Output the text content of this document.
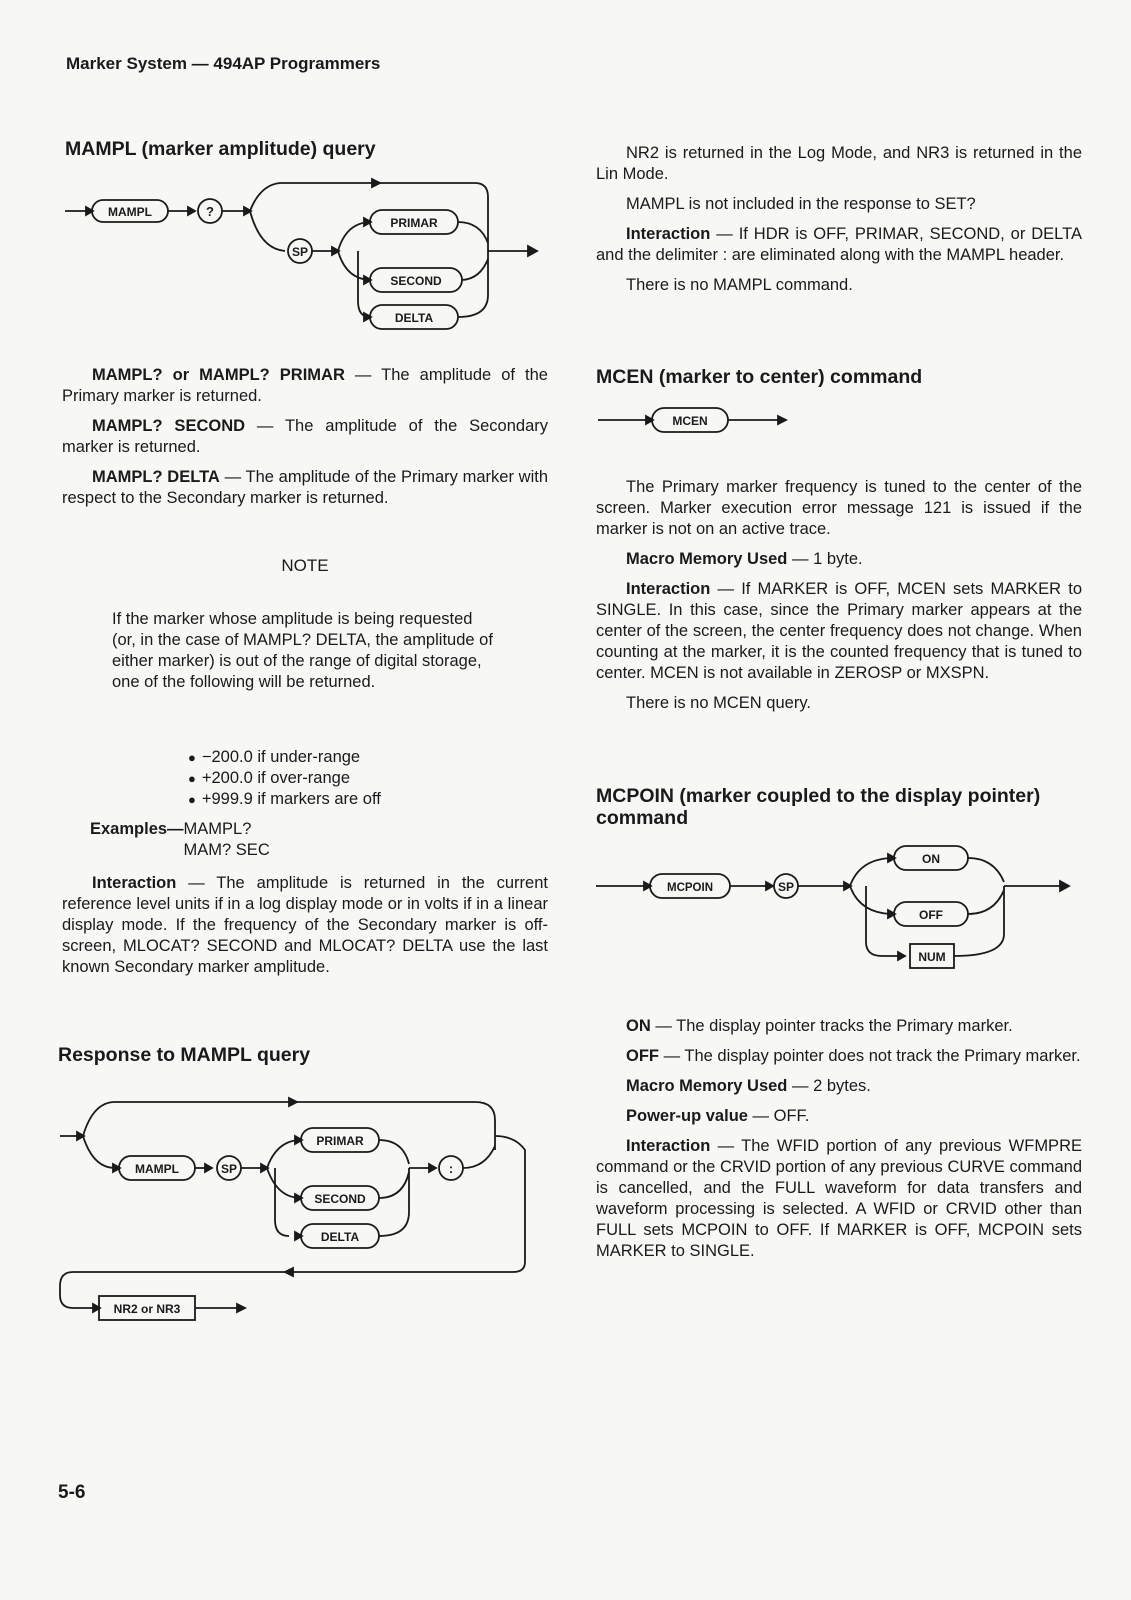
Marker System — 494AP Programmers
MAMPL (marker amplitude) query
MAMPL	?
SP
PRIMAR
SECOND
DELTA

MAMPL? or MAMPL? PRIMAR — The amplitude of the Primary marker is returned.

MAMPL? SECOND — The amplitude of the Secondary marker is returned.

MAMPL? DELTA — The amplitude of the Primary marker with respect to the Secondary marker is returned.

NOTE
If the marker whose amplitude is being requested (or, in the case of MAMPL? DELTA, the amplitude of either marker) is out of the range of digital storage, one of the following will be returned.
● −200.0 if under-range
● +200.0 if over-range
● +999.9 if markers are off
Examples—	MAMPL?
	MAM? SEC

Interaction — The amplitude is returned in the current reference level units if in a log display mode or in volts if in a linear display mode. If the frequency of the Secondary marker is off-screen, MLOCAT? SECOND and MLOCAT? DELTA use the last known Secondary marker amplitude.

Response to MAMPL query
MAMPL	SP
PRIMAR
SECOND
DELTA
:
NR2 or NR3

NR2 is returned in the Log Mode, and NR3 is returned in the Lin Mode.

MAMPL is not included in the response to SET?

Interaction — If HDR is OFF, PRIMAR, SECOND, or DELTA and the delimiter : are eliminated along with the MAMPL header.

There is no MAMPL command.

MCEN (marker to center) command
MCEN

The Primary marker frequency is tuned to the center of the screen. Marker execution error message 121 is issued if the marker is not on an active trace.

Macro Memory Used — 1 byte.

Interaction — If MARKER is OFF, MCEN sets MARKER to SINGLE. In this case, since the Primary marker appears at the center of the screen, the center frequency does not change. When counting at the marker, it is the counted frequency that is tuned to center. MCEN is not available in ZEROSP or MXSPN.

There is no MCEN query.

MCPOIN (marker coupled to the display pointer) command
MCPOIN	SP
ON
OFF
NUM

ON — The display pointer tracks the Primary marker.

OFF — The display pointer does not track the Primary marker.

Macro Memory Used — 2 bytes.

Power-up value — OFF.

Interaction — The WFID portion of any previous WFMPRE command or the CRVID portion of any previous CURVE command is cancelled, and the FULL waveform for data transfers and waveform processing is selected. A WFID or CRVID other than FULL sets MCPOIN to OFF. If MARKER is OFF, MCPOIN sets MARKER to SINGLE.

5-6
